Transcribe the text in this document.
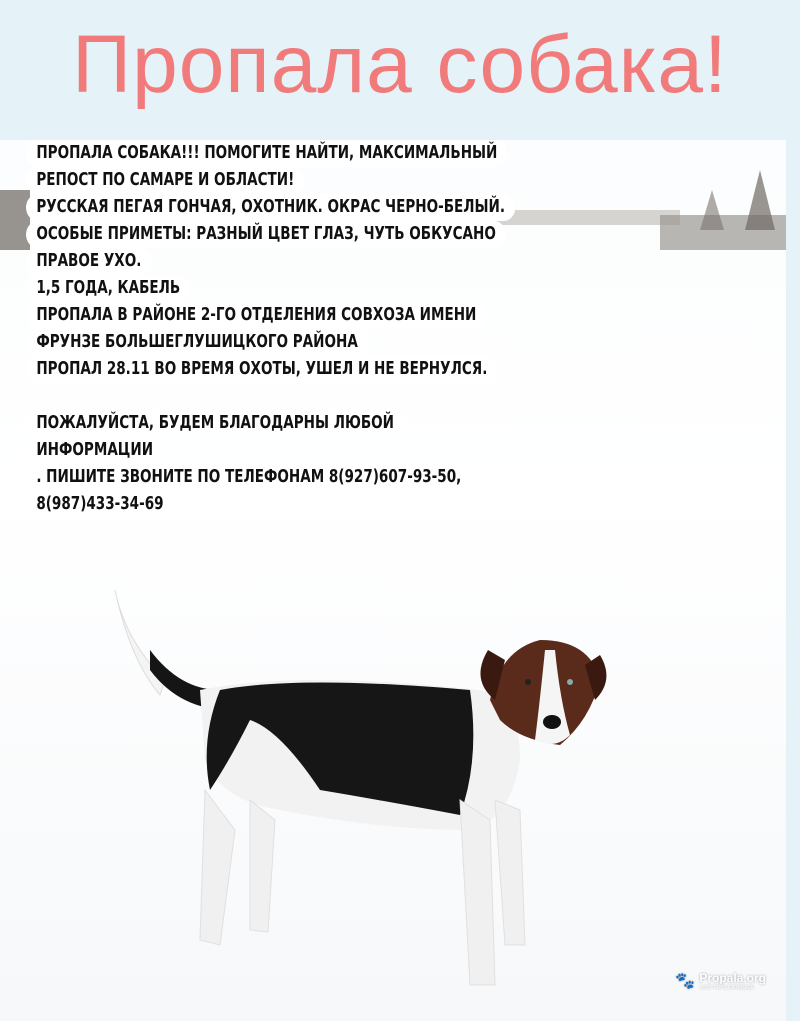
Пропала собака!
ПРОПАЛА СОБАКА!!! ПОМОГИТЕ НАЙТИ, МАКСИМАЛЬНЫЙ
РЕПОСТ ПО САМАРЕ И ОБЛАСТИ!
РУССКАЯ ПЕГАЯ ГОНЧАЯ, ОХОТНИК. ОКРАС ЧЕРНО-БЕЛЫЙ.
ОСОБЫЕ ПРИМЕТЫ: РАЗНЫЙ ЦВЕТ ГЛАЗ, ЧУТЬ ОБКУСАНО
ПРАВОЕ УХО.
1,5 ГОДА, КАБЕЛЬ
ПРОПАЛА В РАЙОНЕ 2-ГО ОТДЕЛЕНИЯ СОВХОЗА ИМЕНИ
ФРУНЗЕ БОЛЬШЕГЛУШИЦКОГО РАЙОНА
ПРОПАЛ 28.11 ВО ВРЕМЯ ОХОТЫ, УШЕЛ И НЕ ВЕРНУЛСЯ.
ПОЖАЛУЙСТА, БУДЕМ БЛАГОДАРНЫ ЛЮБОЙ
ИНФОРМАЦИИ
. ПИШИТЕ ЗВОНИТЕ ПО ТЕЛЕФОНАМ 8(927)607-93-50,
8(987)433-34-69
🐾 Propala.org
LOST PETS DATABASE
